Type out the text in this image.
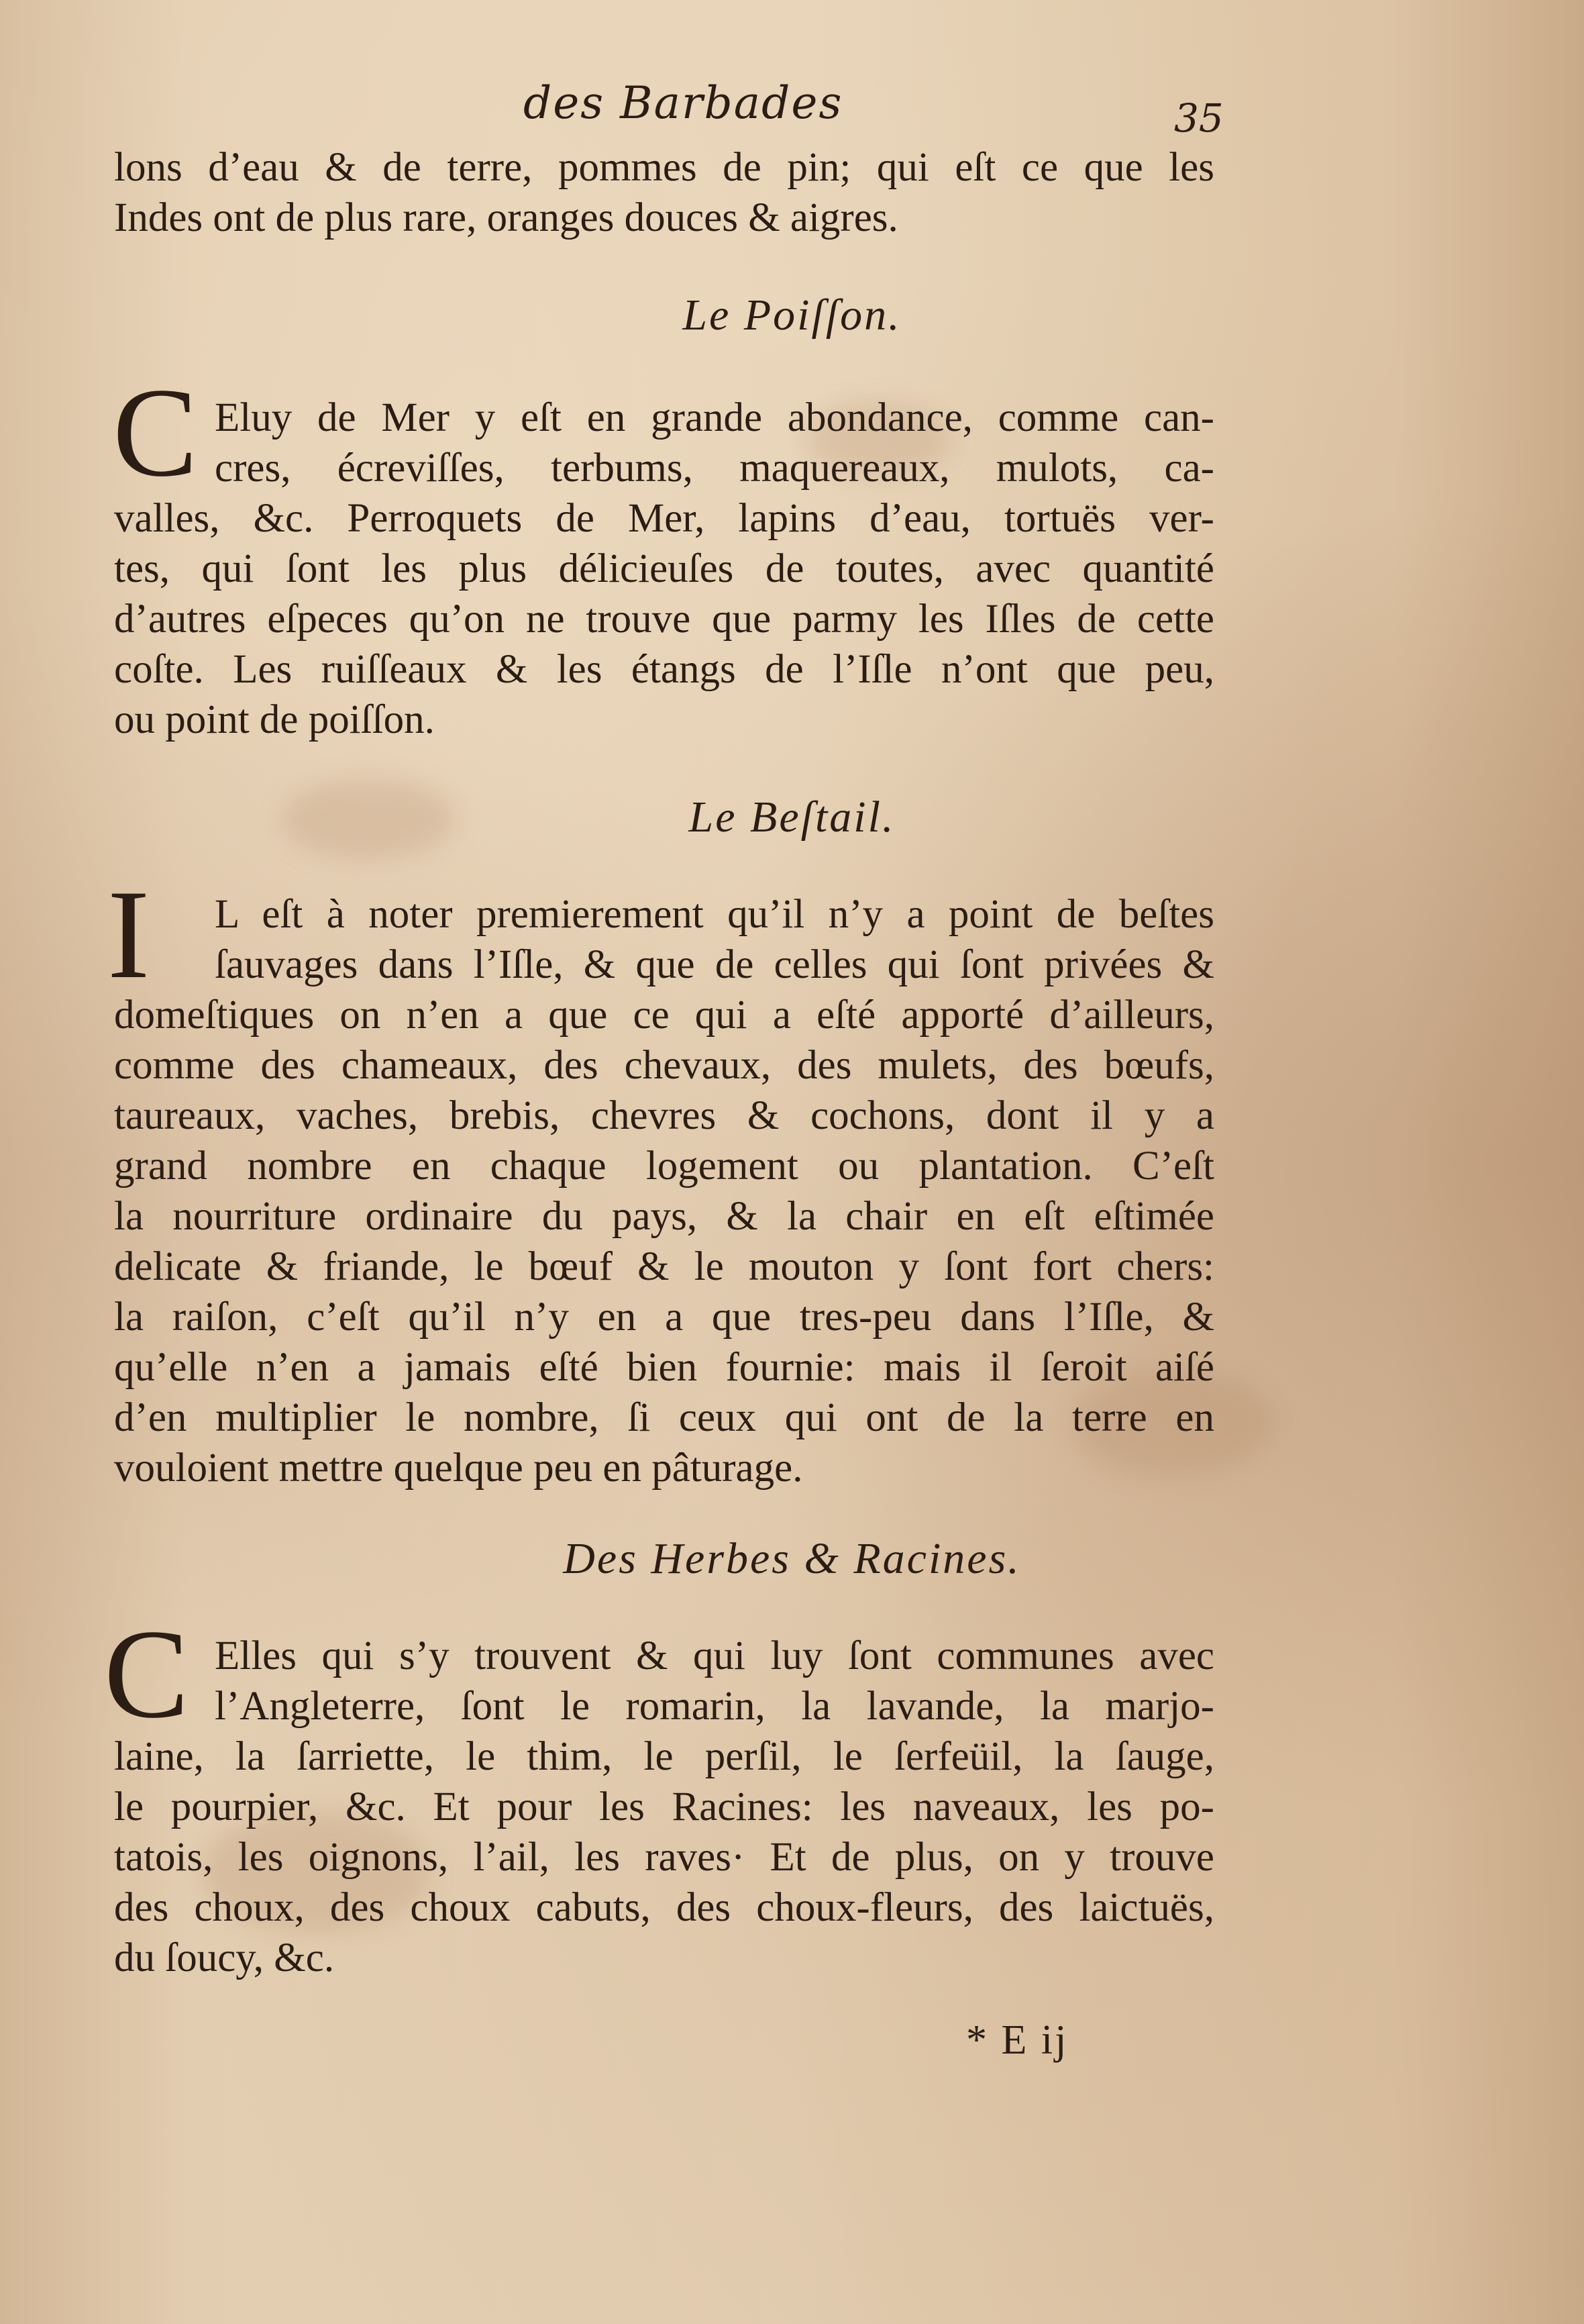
des Barbades	35
lons d’eau & de terre, pommes de pin; qui eſt ce que les
Indes ont de plus rare, oranges douces & aigres.
Le Poiſſon.
C Eluy de Mer y eſt en grande abondance, comme can-
cres, écreviſſes, terbums, maquereaux, mulots, ca-
valles, &c. Perroquets de Mer, lapins d’eau, tortuës ver-
tes, qui ſont les plus délicieuſes de toutes, avec quantité
d’autres eſpeces qu’on ne trouve que parmy les Iſles de cette
coſte. Les ruiſſeaux & les étangs de l’Iſle n’ont que peu,
ou point de poiſſon.
Le Beſtail.
I	L eſt à noter premierement qu’il n’y a point de beſtes
ſauvages dans l’Iſle, & que de celles qui ſont privées &
domeſtiques on n’en a que ce qui a eſté apporté d’ailleurs,
comme des chameaux, des chevaux, des mulets, des bœufs,
taureaux, vaches, brebis, chevres & cochons, dont il y a
grand nombre en chaque logement ou plantation. C’eſt
la nourriture ordinaire du pays, & la chair en eſt eſtimée
delicate & friande, le bœuf & le mouton y ſont fort chers:
la raiſon, c’eſt qu’il n’y en a que tres-peu dans l’Iſle, &
qu’elle n’en a jamais eſté bien fournie: mais il ſeroit aiſé
d’en multiplier le nombre, ſi ceux qui ont de la terre en
vouloient mettre quelque peu en pâturage.
Des Herbes & Racines.
C Elles qui s’y trouvent & qui luy ſont communes avec
l’Angleterre, ſont le romarin, la lavande, la marjo-
laine, la ſarriette, le thim, le perſil, le ſerfeüil, la ſauge,
le pourpier, &c. Et pour les Racines: les naveaux, les po-
tatois, les oignons, l’ail, les raves· Et de plus, on y trouve
des choux, des choux cabuts, des choux-fleurs, des laictuës,
du ſoucy, &c.
* E ij
